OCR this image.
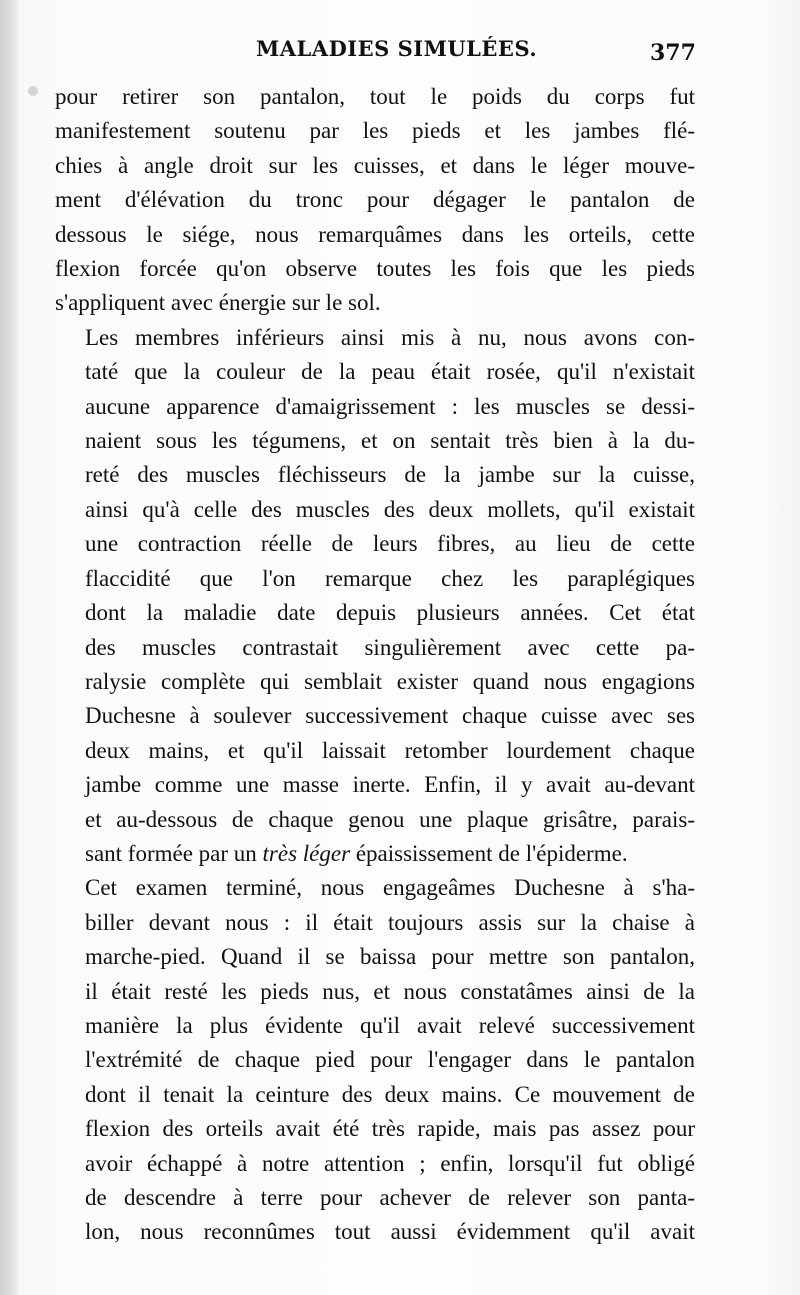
MALADIES SIMULÉES.	377

pour retirer son pantalon, tout le poids du corps fut
manifestement soutenu par les pieds et les jambes flé-
chies à angle droit sur les cuisses, et dans le léger mouve-
ment d'élévation du tronc pour dégager le pantalon de
dessous le siége, nous remarquâmes dans les orteils, cette
flexion forcée qu'on observe toutes les fois que les pieds
s'appliquent avec énergie sur le sol.

Les membres inférieurs ainsi mis à nu, nous avons con-
taté que la couleur de la peau était rosée, qu'il n'existait
aucune apparence d'amaigrissement : les muscles se dessi-
naient sous les tégumens, et on sentait très bien à la du-
reté des muscles fléchisseurs de la jambe sur la cuisse,
ainsi qu'à celle des muscles des deux mollets, qu'il existait
une contraction réelle de leurs fibres, au lieu de cette
flaccidité que l'on remarque chez les paraplégiques
dont la maladie date depuis plusieurs années. Cet état
des muscles contrastait singulièrement avec cette pa-
ralysie complète qui semblait exister quand nous engagions
Duchesne à soulever successivement chaque cuisse avec ses
deux mains, et qu'il laissait retomber lourdement chaque
jambe comme une masse inerte. Enfin, il y avait au-devant
et au-dessous de chaque genou une plaque grisâtre, parais-
sant formée par un très léger épaississement de l'épiderme.

Cet examen terminé, nous engageâmes Duchesne à s'ha-
biller devant nous : il était toujours assis sur la chaise à
marche-pied. Quand il se baissa pour mettre son pantalon,
il était resté les pieds nus, et nous constatâmes ainsi de la
manière la plus évidente qu'il avait relevé successivement
l'extrémité de chaque pied pour l'engager dans le pantalon
dont il tenait la ceinture des deux mains. Ce mouvement de
flexion des orteils avait été très rapide, mais pas assez pour
avoir échappé à notre attention ; enfin, lorsqu'il fut obligé
de descendre à terre pour achever de relever son panta-
lon, nous reconnûmes tout aussi évidemment qu'il avait
